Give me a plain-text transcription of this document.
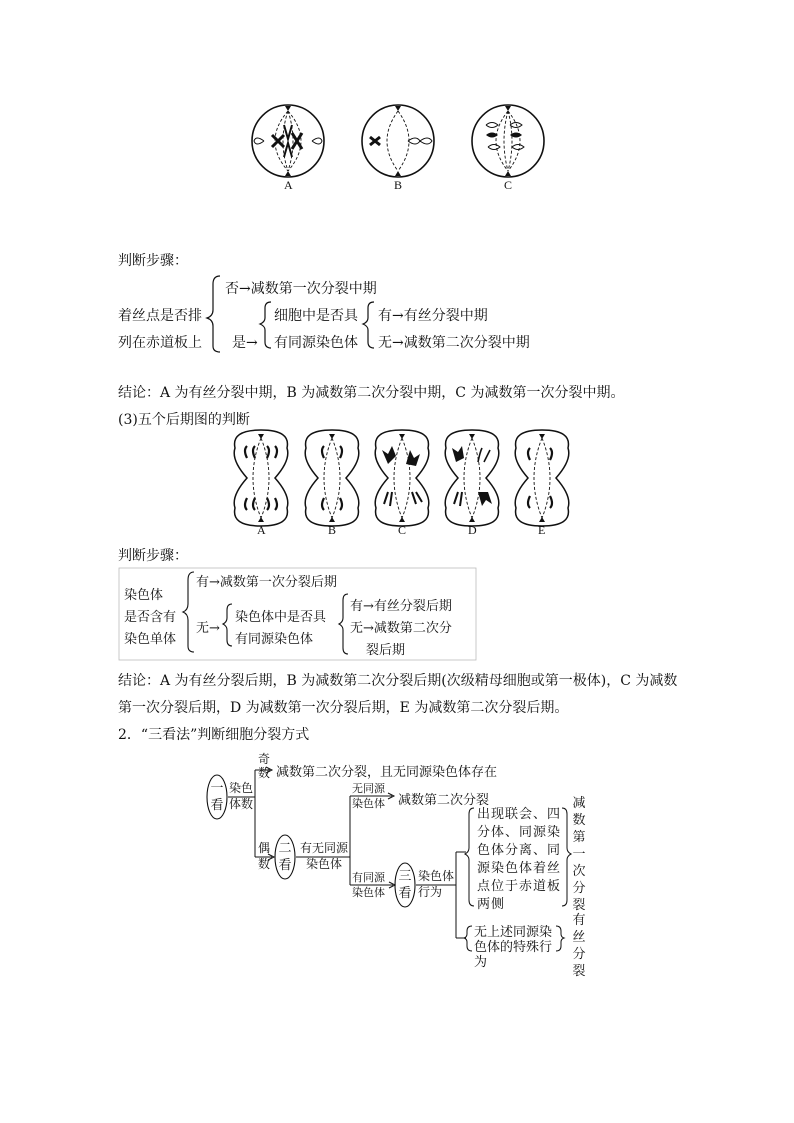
A	B	C
判断步骤：
否→减数第一次分裂中期
着丝点是否排
列在赤道板上 是→
细胞中是否具
有同源染色体
有→有丝分裂中期
无→减数第二次分裂中期
结论：A 为有丝分裂中期，B 为减数第二次分裂中期，C 为减数第一次分裂中期。
(3)五个后期图的判断
A	B	C	D	E
判断步骤：
有→减数第一次分裂后期
染色体
是否含有
染色单体
无→
染色体中是否具
有同源染色体
有→有丝分裂后期
无→减数第二次分
裂后期
结论：A 为有丝分裂后期，B 为减数第二次分裂后期(次级精母细胞或第一极体)，C 为减数
第一次分裂后期，D 为减数第一次分裂后期，E 为减数第二次分裂后期。
2．“三看法”判断细胞分裂方式
一看
二看
三看
染色体数
奇数 减数第二次分裂，且无同源染色体存在
偶数
有无同源染色体
无同源染色体	减数第二次分裂
有同源染色体
染色体行为
出现联会、四分体、同源染色体分离、同源染色体着丝点位于赤道板两侧
减数第一次分裂
无上述同源染色体的特殊行为
有丝分裂
